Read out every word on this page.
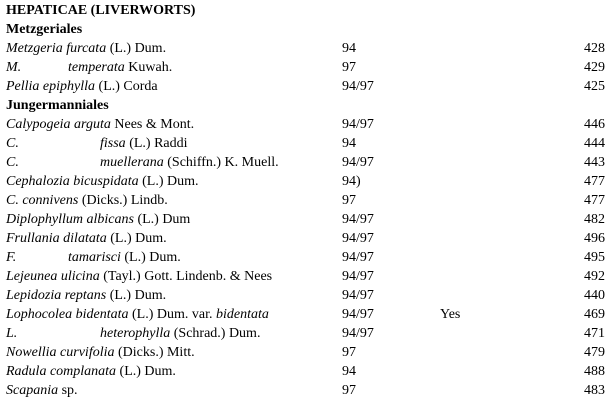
HEPATICAE (LIVERWORTS)
Metzgeriales
Metzgeria furcata (L.) Dum.	94	428
M.	temperata Kuwah.	97	429
Pellia epiphylla (L.) Corda	94/97	425
Jungermanniales
Calypogeia arguta Nees & Mont.	94/97	446
C.	fissa (L.) Raddi	94	444
C.	muellerana (Schiffn.) K. Muell.	94/97	443
Cephalozia bicuspidata (L.) Dum.	94)	477
C. connivens (Dicks.) Lindb.	97	477
Diplophyllum albicans (L.) Dum	94/97	482
Frullania dilatata (L.) Dum.	94/97	496
F.	tamarisci (L.) Dum.	94/97	495
Lejeunea ulicina (Tayl.) Gott. Lindenb. & Nees	94/97	492
Lepidozia reptans (L.) Dum.	94/97	440
Lophocolea bidentata (L.) Dum. var. bidentata	94/97	Yes	469
L.	heterophylla (Schrad.) Dum.	94/97	471
Nowellia curvifolia (Dicks.) Mitt.	97	479
Radula complanata (L.) Dum.	94	488
Scapania sp.	97	483
